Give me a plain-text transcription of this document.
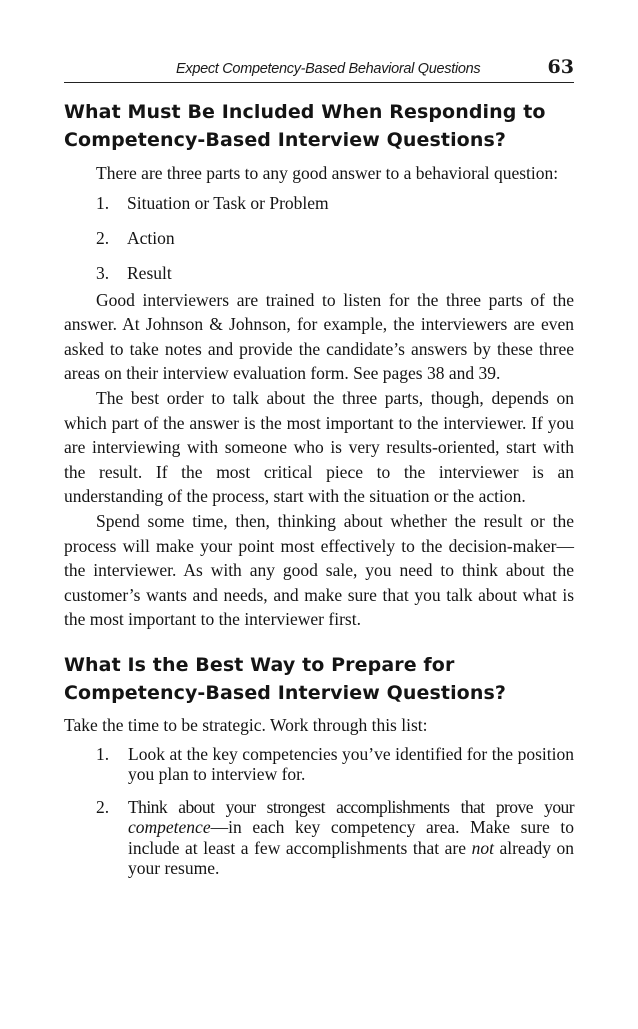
Expect Competency-Based Behavioral Questions	63
What Must Be Included When Responding to
Competency-Based Interview Questions?

There are three parts to any good answer to a behavioral question:

1. Situation or Task or Problem
2. Action
3. Result

Good interviewers are trained to listen for the three parts of the answer. At Johnson & Johnson, for example, the interviewers are even asked to take notes and provide the candidate’s answers by these three areas on their interview evaluation form. See pages 38 and 39.

The best order to talk about the three parts, though, depends on which part of the answer is the most important to the interviewer. If you are interviewing with someone who is very results-oriented, start with the result. If the most critical piece to the interviewer is an understanding of the process, start with the situation or the action.

Spend some time, then, thinking about whether the result or the process will make your point most effectively to the decision-maker—the interviewer. As with any good sale, you need to think about the customer’s wants and needs, and make sure that you talk about what is the most important to the interviewer first.

What Is the Best Way to Prepare for
Competency-Based Interview Questions?

Take the time to be strategic. Work through this list:

1. Look at the key competencies you’ve identified for the position you plan to interview for.
2. Think about your strongest accomplishments that prove your competence—in each key competency area. Make sure to include at least a few accomplishments that are not already on your resume.
